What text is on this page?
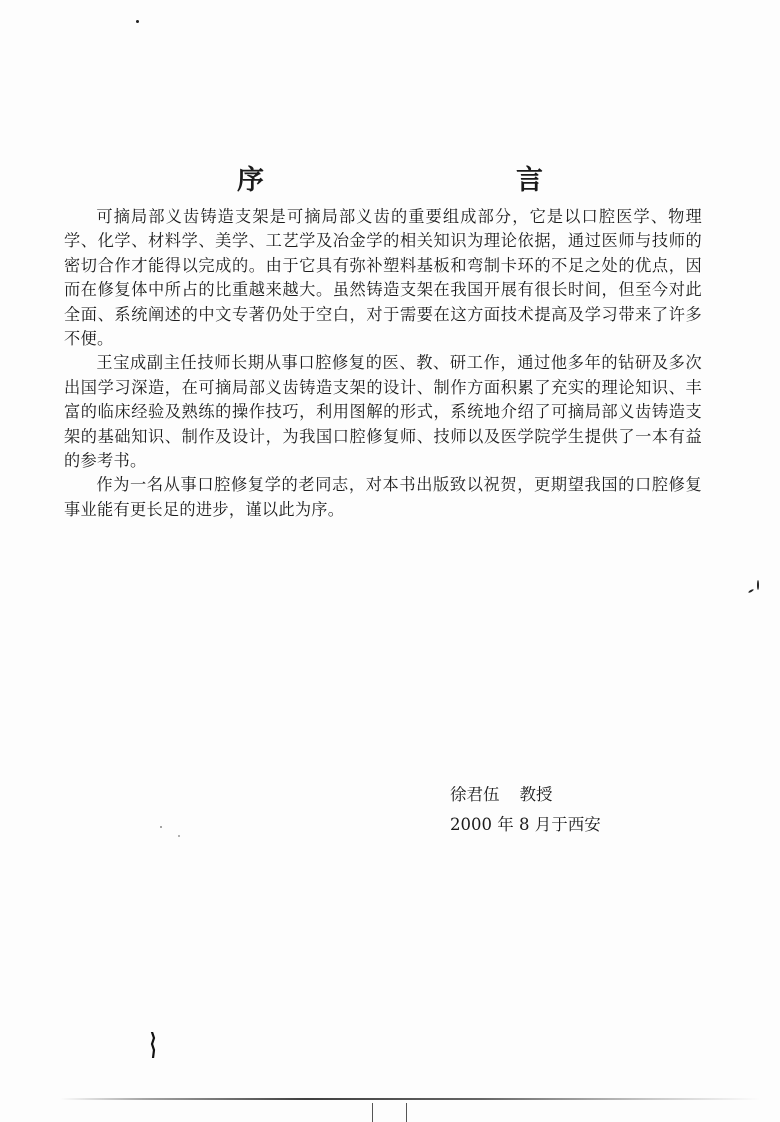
序　　言

可摘局部义齿铸造支架是可摘局部义齿的重要组成部分，它是以口腔医学、物理学、化学、材料学、美学、工艺学及冶金学的相关知识为理论依据，通过医师与技师的密切合作才能得以完成的。由于它具有弥补塑料基板和弯制卡环的不足之处的优点，因而在修复体中所占的比重越来越大。虽然铸造支架在我国开展有很长时间，但至今对此全面、系统阐述的中文专著仍处于空白，对于需要在这方面技术提高及学习带来了许多不便。

王宝成副主任技师长期从事口腔修复的医、教、研工作，通过他多年的钻研及多次出国学习深造，在可摘局部义齿铸造支架的设计、制作方面积累了充实的理论知识、丰富的临床经验及熟练的操作技巧，利用图解的形式，系统地介绍了可摘局部义齿铸造支架的基础知识、制作及设计，为我国口腔修复师、技师以及医学院学生提供了一本有益的参考书。

作为一名从事口腔修复学的老同志，对本书出版致以祝贺，更期望我国的口腔修复事业能有更长足的进步，谨以此为序。

徐君伍 教授
2000 年 8 月于西安
